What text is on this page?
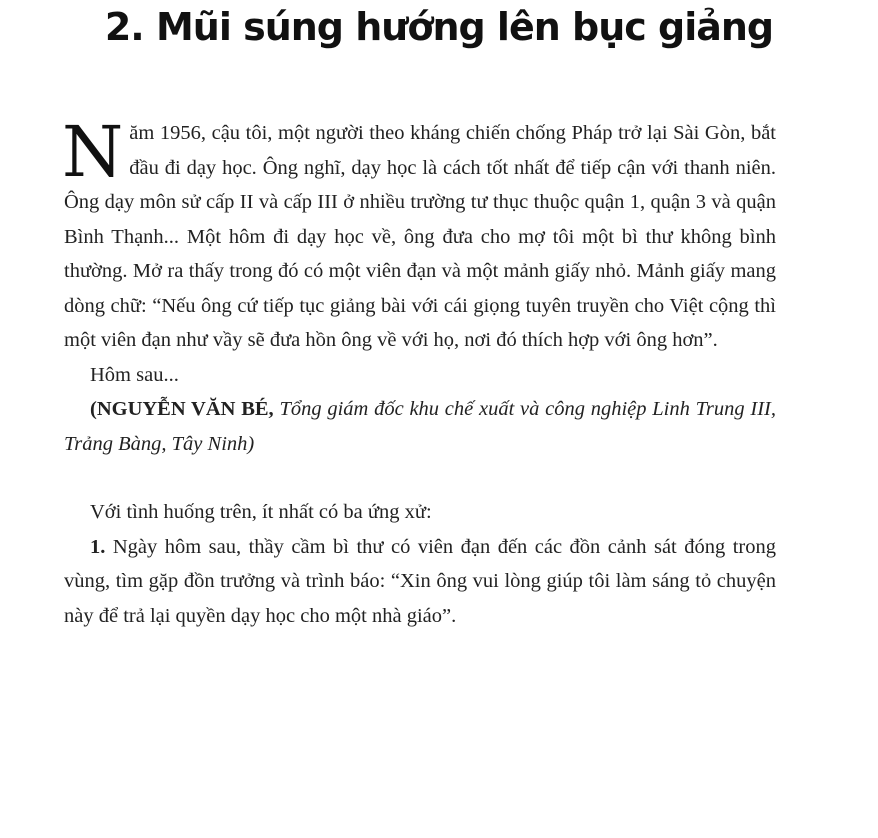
2. Mũi súng hướng lên bục giảng

Năm 1956, cậu tôi, một người theo kháng chiến chống Pháp trở lại Sài Gòn, bắt đầu đi dạy học. Ông nghĩ, dạy học là cách tốt nhất để tiếp cận với thanh niên. Ông dạy môn sử cấp II và cấp III ở nhiều trường tư thục thuộc quận 1, quận 3 và quận Bình Thạnh... Một hôm đi dạy học về, ông đưa cho mợ tôi một bì thư không bình thường. Mở ra thấy trong đó có một viên đạn và một mảnh giấy nhỏ. Mảnh giấy mang dòng chữ: “Nếu ông cứ tiếp tục giảng bài với cái giọng tuyên truyền cho Việt cộng thì một viên đạn như vầy sẽ đưa hồn ông về với họ, nơi đó thích hợp với ông hơn”.

Hôm sau...

(NGUYỄN VĂN BÉ, Tổng giám đốc khu chế xuất và công nghiệp Linh Trung III, Trảng Bàng, Tây Ninh)

Với tình huống trên, ít nhất có ba ứng xử:

1. Ngày hôm sau, thầy cầm bì thư có viên đạn đến các đồn cảnh sát đóng trong vùng, tìm gặp đồn trưởng và trình báo: “Xin ông vui lòng giúp tôi làm sáng tỏ chuyện này để trả lại quyền dạy học cho một nhà giáo”.
